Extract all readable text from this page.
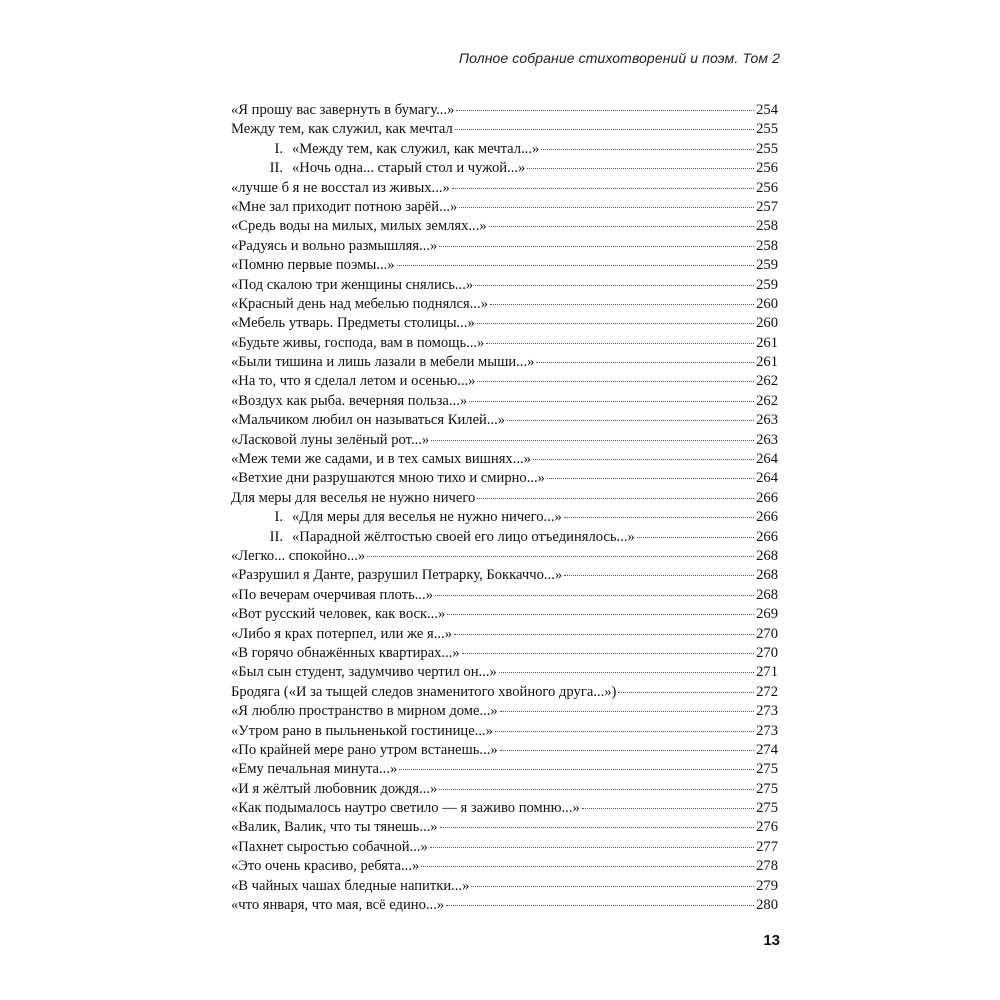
Полное собрание стихотворений и поэм. Том 2
«Я прошу вас завернуть в бумагу...»	254
Между тем, как служил, как мечтал	255
I. «Между тем, как служил, как мечтал...»	255
II. «Ночь одна... старый стол и чужой...»	256
«лучше б я не восстал из живых...»	256
«Мне зал приходит потною зарёй...»	257
«Средь воды на милых, милых землях...»	258
«Радуясь и вольно размышляя...»	258
«Помню первые поэмы...»	259
«Под скалою три женщины снялись...»	259
«Красный день над мебелью поднялся...»	260
«Мебель утварь. Предметы столицы...»	260
«Будьте живы, господа, вам в помощь...»	261
«Были тишина и лишь лазали в мебели мыши...»	261
«На то, что я сделал летом и осенью...»	262
«Воздух как рыба. вечерняя польза...»	262
«Мальчиком любил он называться Килей...»	263
«Ласковой луны зелёный рот...»	263
«Меж теми же садами, и в тех самых вишнях...»	264
«Ветхие дни разрушаются мною тихо и смирно...»	264
Для меры для веселья не нужно ничего	266
I. «Для меры для веселья не нужно ничего...»	266
II. «Парадной жёлтостью своей его лицо отъединялось...»	266
«Легко... спокойно...»	268
«Разрушил я Данте, разрушил Петрарку, Боккаччо...»	268
«По вечерам очерчивая плоть...»	268
«Вот русский человек, как воск...»	269
«Либо я крах потерпел, или же я...»	270
«В горячо обнажённых квартирах...»	270
«Был сын студент, задумчиво чертил он...»	271
Бродяга («И за тыщей следов знаменитого хвойного друга...»)	272
«Я люблю пространство в мирном доме...»	273
«Утром рано в пыльненькой гостинице...»	273
«По крайней мере рано утром встанешь...»	274
«Ему печальная минута...»	275
«И я жёлтый любовник дождя...»	275
«Как подымалось наутро светило — я заживо помню...»	275
«Валик, Валик, что ты тянешь...»	276
«Пахнет сыростью собачной...»	277
«Это очень красиво, ребята...»	278
«В чайных чашах бледные напитки...»	279
«что января, что мая, всё едино...»	280
13
